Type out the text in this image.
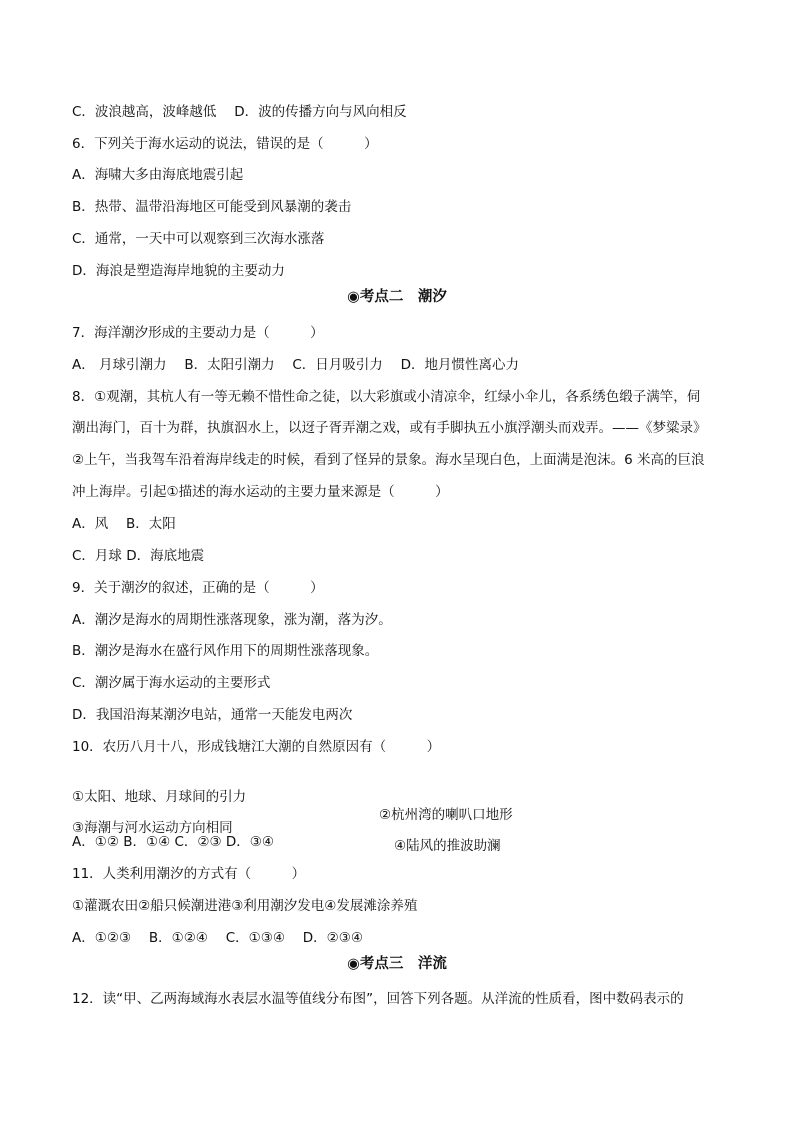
C．波浪越高，波峰越低　 D．波的传播方向与风向相反
6．下列关于海水运动的说法，错误的是（　　　）
A．海啸大多由海底地震引起
B．热带、温带沿海地区可能受到风暴潮的袭击
C．通常，一天中可以观察到三次海水涨落
D．海浪是塑造海岸地貌的主要动力
◉考点二　潮汐
7．海洋潮汐形成的主要动力是（　　　）
A． 月球引潮力　 B．太阳引潮力　 C．日月吸引力　 D．地月惯性离心力
8．①观潮，其杭人有一等无赖不惜性命之徒，以大彩旗或小清凉伞，红绿小伞儿，各系绣色缎子满竿，伺
潮出海门，百十为群，执旗泅水上，以迓子胥弄潮之戏，或有手脚执五小旗浮潮头而戏弄。——《梦粱录》
②上午，当我驾车沿着海岸线走的时候，看到了怪异的景象。海水呈现白色，上面满是泡沫。6 米高的巨浪
冲上海岸。引起①描述的海水运动的主要力量来源是（　　　）
A．风　 B．太阳
C．月球 D．海底地震
9．关于潮汐的叙述，正确的是（　　　）
A．潮汐是海水的周期性涨落现象，涨为潮，落为汐。
B．潮汐是海水在盛行风作用下的周期性涨落现象。
C．潮汐属于海水运动的主要形式
D．我国沿海某潮汐电站，通常一天能发电两次
10．农历八月十八，形成钱塘江大潮的自然原因有（　　　）

①太阳、地球、月球间的引力

②杭州湾的喇叭口地形

③海潮与河水运动方向相同

④陆风的推波助澜

A．①② B．①④ C．②③ D．③④
11．人类利用潮汐的方式有（　　　）
①灌溉农田②船只候潮进港③利用潮汐发电④发展滩涂养殖
A．①②③　 B．①②④　 C．①③④　 D．②③④
◉考点三　洋流
12．读“甲、乙两海域海水表层水温等值线分布图”，回答下列各题。从洋流的性质看，图中数码表示的
